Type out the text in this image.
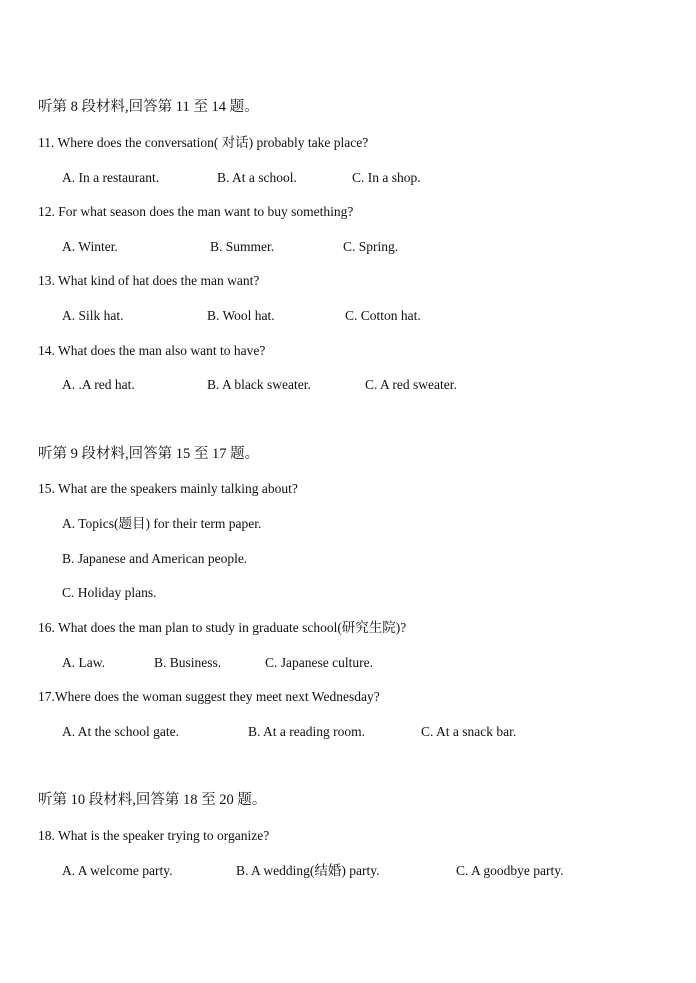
听第 8 段材料,回答第 11 至 14 题。
11. Where does the conversation( 对话) probably take place?
A. In a restaurant.	B. At a school.	C. In a shop.
12. For what season does the man want to buy something?
A. Winter.	B. Summer.	C. Spring.
13. What kind of hat does the man want?
A. Silk hat.	B. Wool hat.	C. Cotton hat.
14. What does the man also want to have?
A. .A red hat.	B. A black sweater.	C. A red sweater.
听第 9 段材料,回答第 15 至 17 题。
15. What are the speakers mainly talking about?
A. Topics(题目) for their term paper.
B. Japanese and American people.
C. Holiday plans.
16. What does the man plan to study in graduate school(研究生院)?
A. Law.	B. Business.	C. Japanese culture.
17.Where does the woman suggest they meet next Wednesday?
A. At the school gate.	B. At a reading room.	C. At a snack bar.
听第 10 段材料,回答第 18 至 20 题。
18. What is the speaker trying to organize?
A. A welcome party.	B. A wedding(结婚) party.	C. A goodbye party.
